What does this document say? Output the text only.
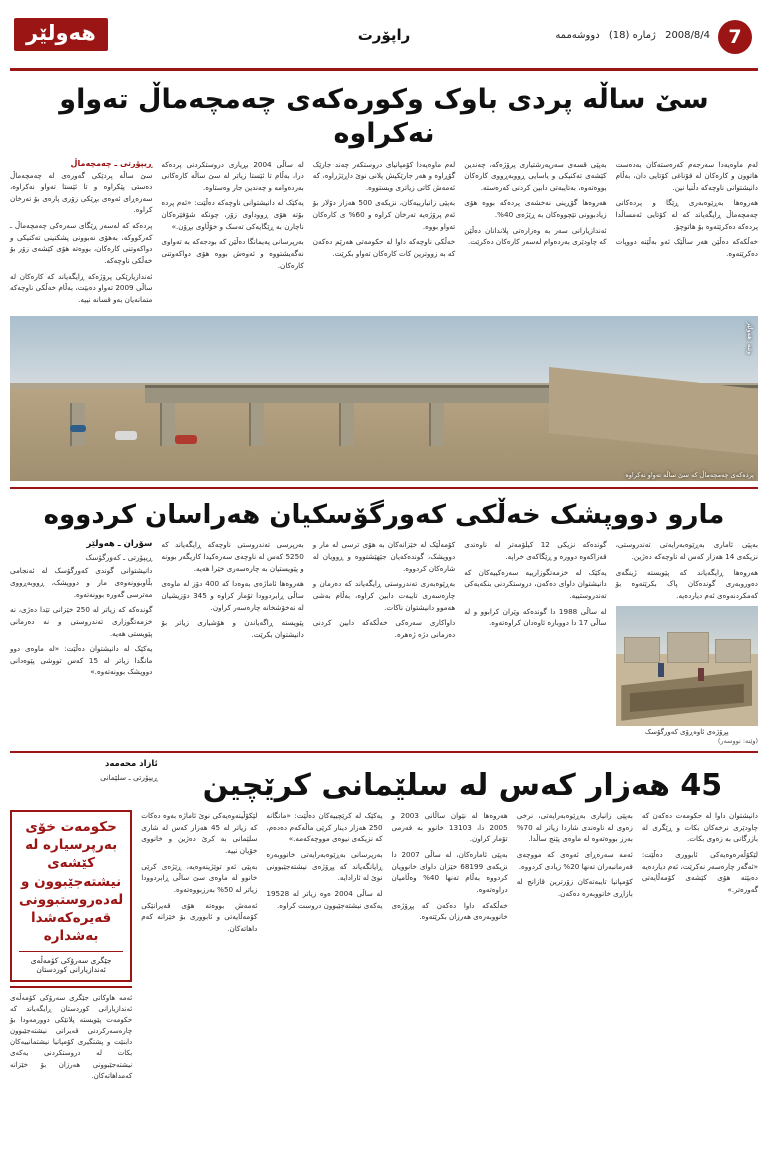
7
2008/8/4 ژمارە (18) دووشەممە
راپۆرت
هەولێر
سێ ساڵە پردی باوک وکورەکەی چەمچەماڵ تەواو نەکراوە

لەم ماوەیەدا سەرجەم کەرەستەکان بەدەست هاتوون و کارەکان لە قۆناغی کۆتایی دان، بەڵام دانیشتوانی ناوچەکە دڵنیا نین.

هەروەها بەڕێوەبەری ڕێگا و پردەکانی چەمچەماڵ ڕایگەیاند کە لە کۆتایی ئەمساڵدا پردەکە دەکرێتەوە بۆ هاتوچۆ.

خەڵکەکە دەڵێن هەر ساڵێک ئەو بەڵێنە دووپات دەکرێتەوە.

بەپێی قسەی سەرپەرشتیاری پرۆژەکە، چەندین کێشەی تەکنیکی و یاسایی ڕووبەڕووی کارەکان بووەتەوە، بەتایبەتی دابین کردنی کەرەستە.

هەروەها گۆڕینی نەخشەی پردەکە بووە هۆی زیادبوونی تێچووەکان بە ڕێژەی 40%.

ئەندازیارانی سەر بە وەزارەتی پلاندانان دەڵێن کە چاودێری بەردەوام لەسەر کارەکان دەکرێت.

لەم ماوەیەدا کۆمپانیای دروستکەر چەند جارێک گۆڕاوە و هەر جارێکیش پلانی نوێ داڕێژراوە، کە ئەمەش کاتی زیاتری ویستووە.

بەپێی زانیارییەکان، نزیکەی 500 هەزار دۆلار بۆ ئەم پرۆژەیە تەرخان کراوە و 60% ی کارەکان تەواو بووە.

خەڵکی ناوچەکە داوا لە حکومەتی هەرێم دەکەن کە بە زووترین کات کارەکان تەواو بکرێت.

لە ساڵی 2004 بڕیاری دروستکردنی پردەکە درا، بەڵام تا ئێستا زیاتر لە سێ ساڵە کارەکانی بەردەوامە و چەندین جار وەستاوە.

یەکێک لە دانیشتوانی ناوچەکە دەڵێت: «ئەم پردە بۆتە هۆی ڕووداوی زۆر، چونکە شۆفێرەکان ناچارن بە ڕێگایەکی تەسک و خۆڵاوی بڕۆن.»

بەرپرسانی پەیمانگا دەڵێن کە بودجەکە بە تەواوی نەگەیشتووە و ئەوەش بووە هۆی دواکەوتنی کارەکان.

ڕیپۆرتی ـ چەمچەماڵ

سێ ساڵە پردێکی گەورەی لە چەمچەماڵ دەستی پێکراوە و تا ئێستا تەواو نەکراوە، سەرەڕای ئەوەی بڕێکی زۆری پارەی بۆ تەرخان کراوە.

پردەکە کە لەسەر ڕێگای سەرەکی چەمچەماڵ ـ کەرکووکە، بەهۆی نەبوونی پشکنینی تەکنیکی و دواکەوتنی کارەکان، بووەتە هۆی کێشەی زۆر بۆ خەڵکی ناوچەکە.

ئەندازیارێکی پرۆژەکە ڕایگەیاند کە کارەکان لە ساڵی 2009 تەواو دەبێت، بەڵام خەڵکی ناوچەکە متمانەیان بەو قسانە نییە.

وێنە: هەولێر
پردەکەی چەمچەماڵ کە سێ ساڵە تەواو نەکراوە
مارو دووپشک خەڵکی کەورگۆسکیان هەراسان کردووە

بەپێی ئاماری بەڕێوەبەرایەتی تەندروستی، نزیکەی 14 هەزار کەس لە ناوچەکە دەژین.

هەروەها ڕایگەیاند کە پێویستە ژینگەی دەوروبەری گوندەکان پاک بکرێتەوە بۆ کەمکردنەوەی ئەم دیاردەیە.

پڕۆژەی ئاوەڕۆی کەورگۆسک

گوندەکە نزیکی 12 کیلۆمەتر لە ناوەندی قەزاکەوە دوورە و ڕێگاکەی خراپە.

یەکێک لە خزمەتگوزارییە سەرەکییەکان کە دانیشتوان داوای دەکەن، دروستکردنی بنکەیەکی تەندروستییە.

لە ساڵی 1988 دا گوندەکە وێران کرابوو و لە ساڵی 17 دا دووبارە ئاوەدان کراوەتەوە.

کۆمەڵێک لە خێزانەکان بە هۆی ترسی لە مار و دووپشک، گوندەکەیان جێهێشتووە و ڕوویان لە شارەکان کردووە.

بەڕێوەبەری تەندروستی ڕایگەیاند کە دەرمان و چارەسەری تایبەت دابین کراوە، بەڵام بەشی هەموو دانیشتوان ناکات.

داواکاری سەرەکی خەڵکەکە دابین کردنی دەرمانی دژە ژەهرە.

بەرپرسی تەندروستی ناوچەکە ڕایگەیاند کە 5250 کەس لە ناوچەی سەرەکیدا کاریگەر بوونە و پێویستیان بە چارەسەری خێرا هەیە.

هەروەها ئاماژەی بەوەدا کە 400 دۆز لە ماوەی ساڵی ڕابردوودا تۆمار کراوە و 345 دۆزیشیان لە نەخۆشخانە چارەسەر کراون.

پێویستە ڕاگەیاندن و هۆشیاری زیاتر بۆ دانیشتوان بکرێت.

سۆران ـ هەولێر
ڕیپۆرتی ـ کەورگۆسک

دانیشتوانی گوندی کەورگۆسک لە ئەنجامی بڵاوبوونەوەی مار و دووپشک، ڕووبەڕووی مەترسی گەورە بوونەتەوە.

گوندەکە کە زیاتر لە 250 خێزانی تێدا دەژی، نە خزمەتگوزاری تەندروستی و نە دەرمانی پێویستی هەیە.

یەکێک لە دانیشتوان دەڵێت: «لە ماوەی دوو مانگدا زیاتر لە 15 کەس تووشی پێوەدانی دووپشک بوونەتەوە.»

(وێنە: نووسەر)
45 هەزار کەس لە سلێمانی کرێچین
ئازاد محەمەد
ڕیپۆرتی ـ سلێمانی

دانیشتوان داوا لە حکومەت دەکەن کە چاودێری نرخەکان بکات و ڕێگری لە بازرگانی بە زەوی بکات.

لێکۆڵەرەوەیەکی ئابووری دەڵێت: «ئەگەر چارەسەر نەکرێت، ئەم دیاردەیە دەبێتە هۆی کێشەی کۆمەڵایەتی گەورەتر.»

بەپێی زانیاری بەڕێوەبەرایەتی، نرخی زەوی لە ناوەندی شاردا زیاتر لە 70% بەرز بووەتەوە لە ماوەی پێنج ساڵدا.

ئەمە سەرەڕای ئەوەی کە مووچەی فەرمانبەران تەنها 20% زیادی کردووە.

کۆمپانیا تایبەتەکان زۆرترین قازانج لە بازاڕی خانووبەرە دەکەن.

هەروەها لە نێوان ساڵانی 2003 و 2005 دا، 13103 خانوو بە فەرمی تۆمار کراون.

بەپێی ئامارەکان، لە ساڵی 2007 دا نزیکەی 68199 خێزان داوای خانوویان کردووە بەڵام تەنها 40% وەڵامیان دراوەتەوە.

خەڵکەکە داوا دەکەن کە پڕۆژەی خانووبەرەی هەرزان بکرێتەوە.

یەکێک لە کرێچییەکان دەڵێت: «مانگانە 250 هەزار دینار کرێی ماڵەکەم دەدەم، کە نزیکەی نیوەی مووچەکەمە.»

بەرپرسانی بەڕێوەبەرایەتی خانووبەرە ڕایانگەیاند کە پڕۆژەی نیشتەجێبوونی نوێ لە ئارادایە.

لە ساڵی 2004 ەوە زیاتر لە 19528 یەکەی نیشتەجێبوون دروست کراوە.

لێکۆڵینەوەیەکی نوێ ئاماژە بەوە دەکات کە زیاتر لە 45 هەزار کەس لە شاری سلێمانی بە کرێ دەژین و خانووی خۆیان نییە.

بەپێی ئەو توێژینەوەیە، ڕێژەی کرێی خانوو لە ماوەی سێ ساڵی ڕابردوودا زیاتر لە 50% بەرزبووەتەوە.

ئەمەش بووەتە هۆی قەیرانێکی کۆمەڵایەتی و ئابووری بۆ خێزانە کەم داهاتەکان.

حکومەت خۆی بەرپرسیارە لە کێشەی نیشتەجێبوون و لەدەروستبوونی قەیرەکەشدا بەشدارە
جێگری سەرۆکی کۆمەڵەی ئەندازیارانی کوردستان
ئەمە هاوکاتی جێگری سەرۆکی کۆمەڵەی ئەندازیارانی کوردستان ڕایگەیاند کە حکومەت پێویستە پلانێکی دوورمەودا بۆ چارەسەرکردنی قەیرانی نیشتەجێبوون دابنێت و پشتگیری کۆمپانیا نیشتمانییەکان بکات لە دروستکردنی یەکەی نیشتەجێبوونی هەرزان بۆ خێزانە کەمداهاتەکان.
